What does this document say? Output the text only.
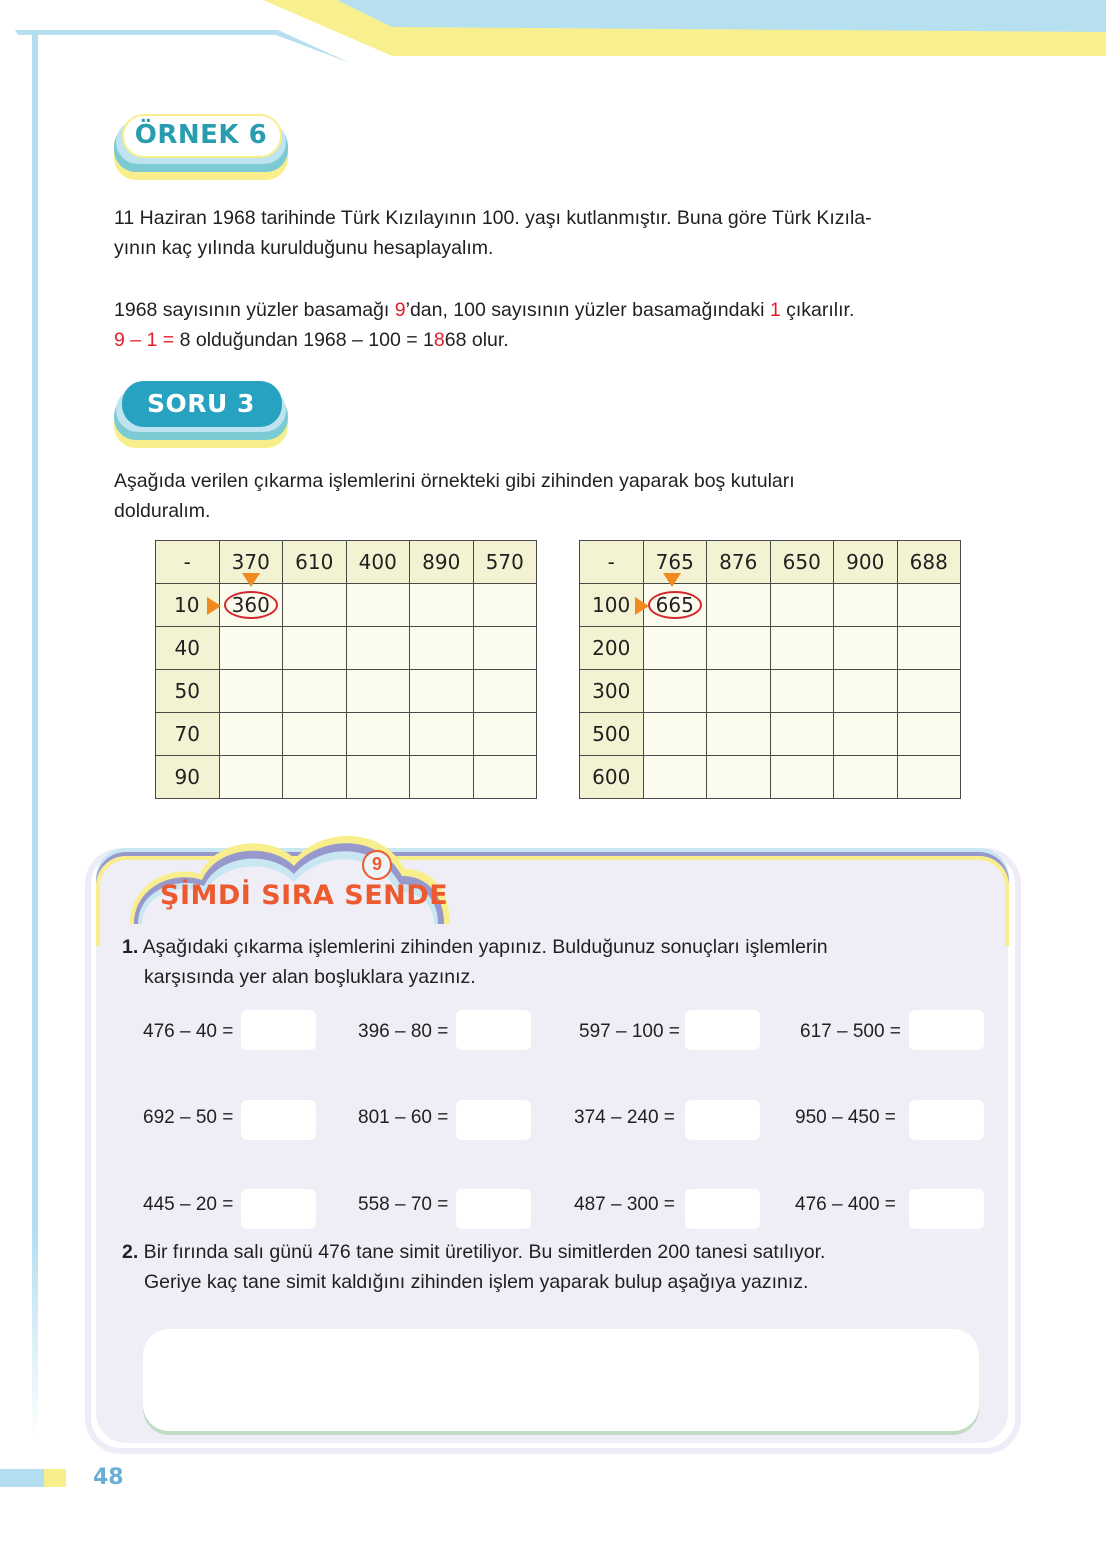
ÖRNEK 6
11 Haziran 1968 tarihinde Türk Kızılayının 100. yaşı kutlanmıştır. Buna göre Türk Kızıla-
yının kaç yılında kurulduğunu hesaplayalım.
1968 sayısının yüzler basamağı 9’dan, 100 sayısının yüzler basamağındaki 1 çıkarılır.
9 – 1 = 8 olduğundan 1968 – 100 = 1868 olur.
SORU 3
Aşağıda verilen çıkarma işlemlerini örnekteki gibi zihinden yaparak boş kutuları
dolduralım.
-	370	610	400	890	570
10	360				
40					
50					
70					
90					
-	765	876	650	900	688
100	665				
200					
300					
500					
600					
9
ŞİMDİ SIRA SENDE
1. Aşağıdaki çıkarma işlemlerini zihinden yapınız. Bulduğunuz sonuçları işlemlerin
karşısında yer alan boşluklara yazınız.
476 – 40 =	396 – 80 =	597 – 100 =	617 – 500 =
692 – 50 =	801 – 60 =	374 – 240 =	950 – 450 =
445 – 20 =	558 – 70 =	487 – 300 =	476 – 400 =
2. Bir fırında salı günü 476 tane simit üretiliyor. Bu simitlerden 200 tanesi satılıyor.
Geriye kaç tane simit kaldığını zihinden işlem yaparak bulup aşağıya yazınız.
48
